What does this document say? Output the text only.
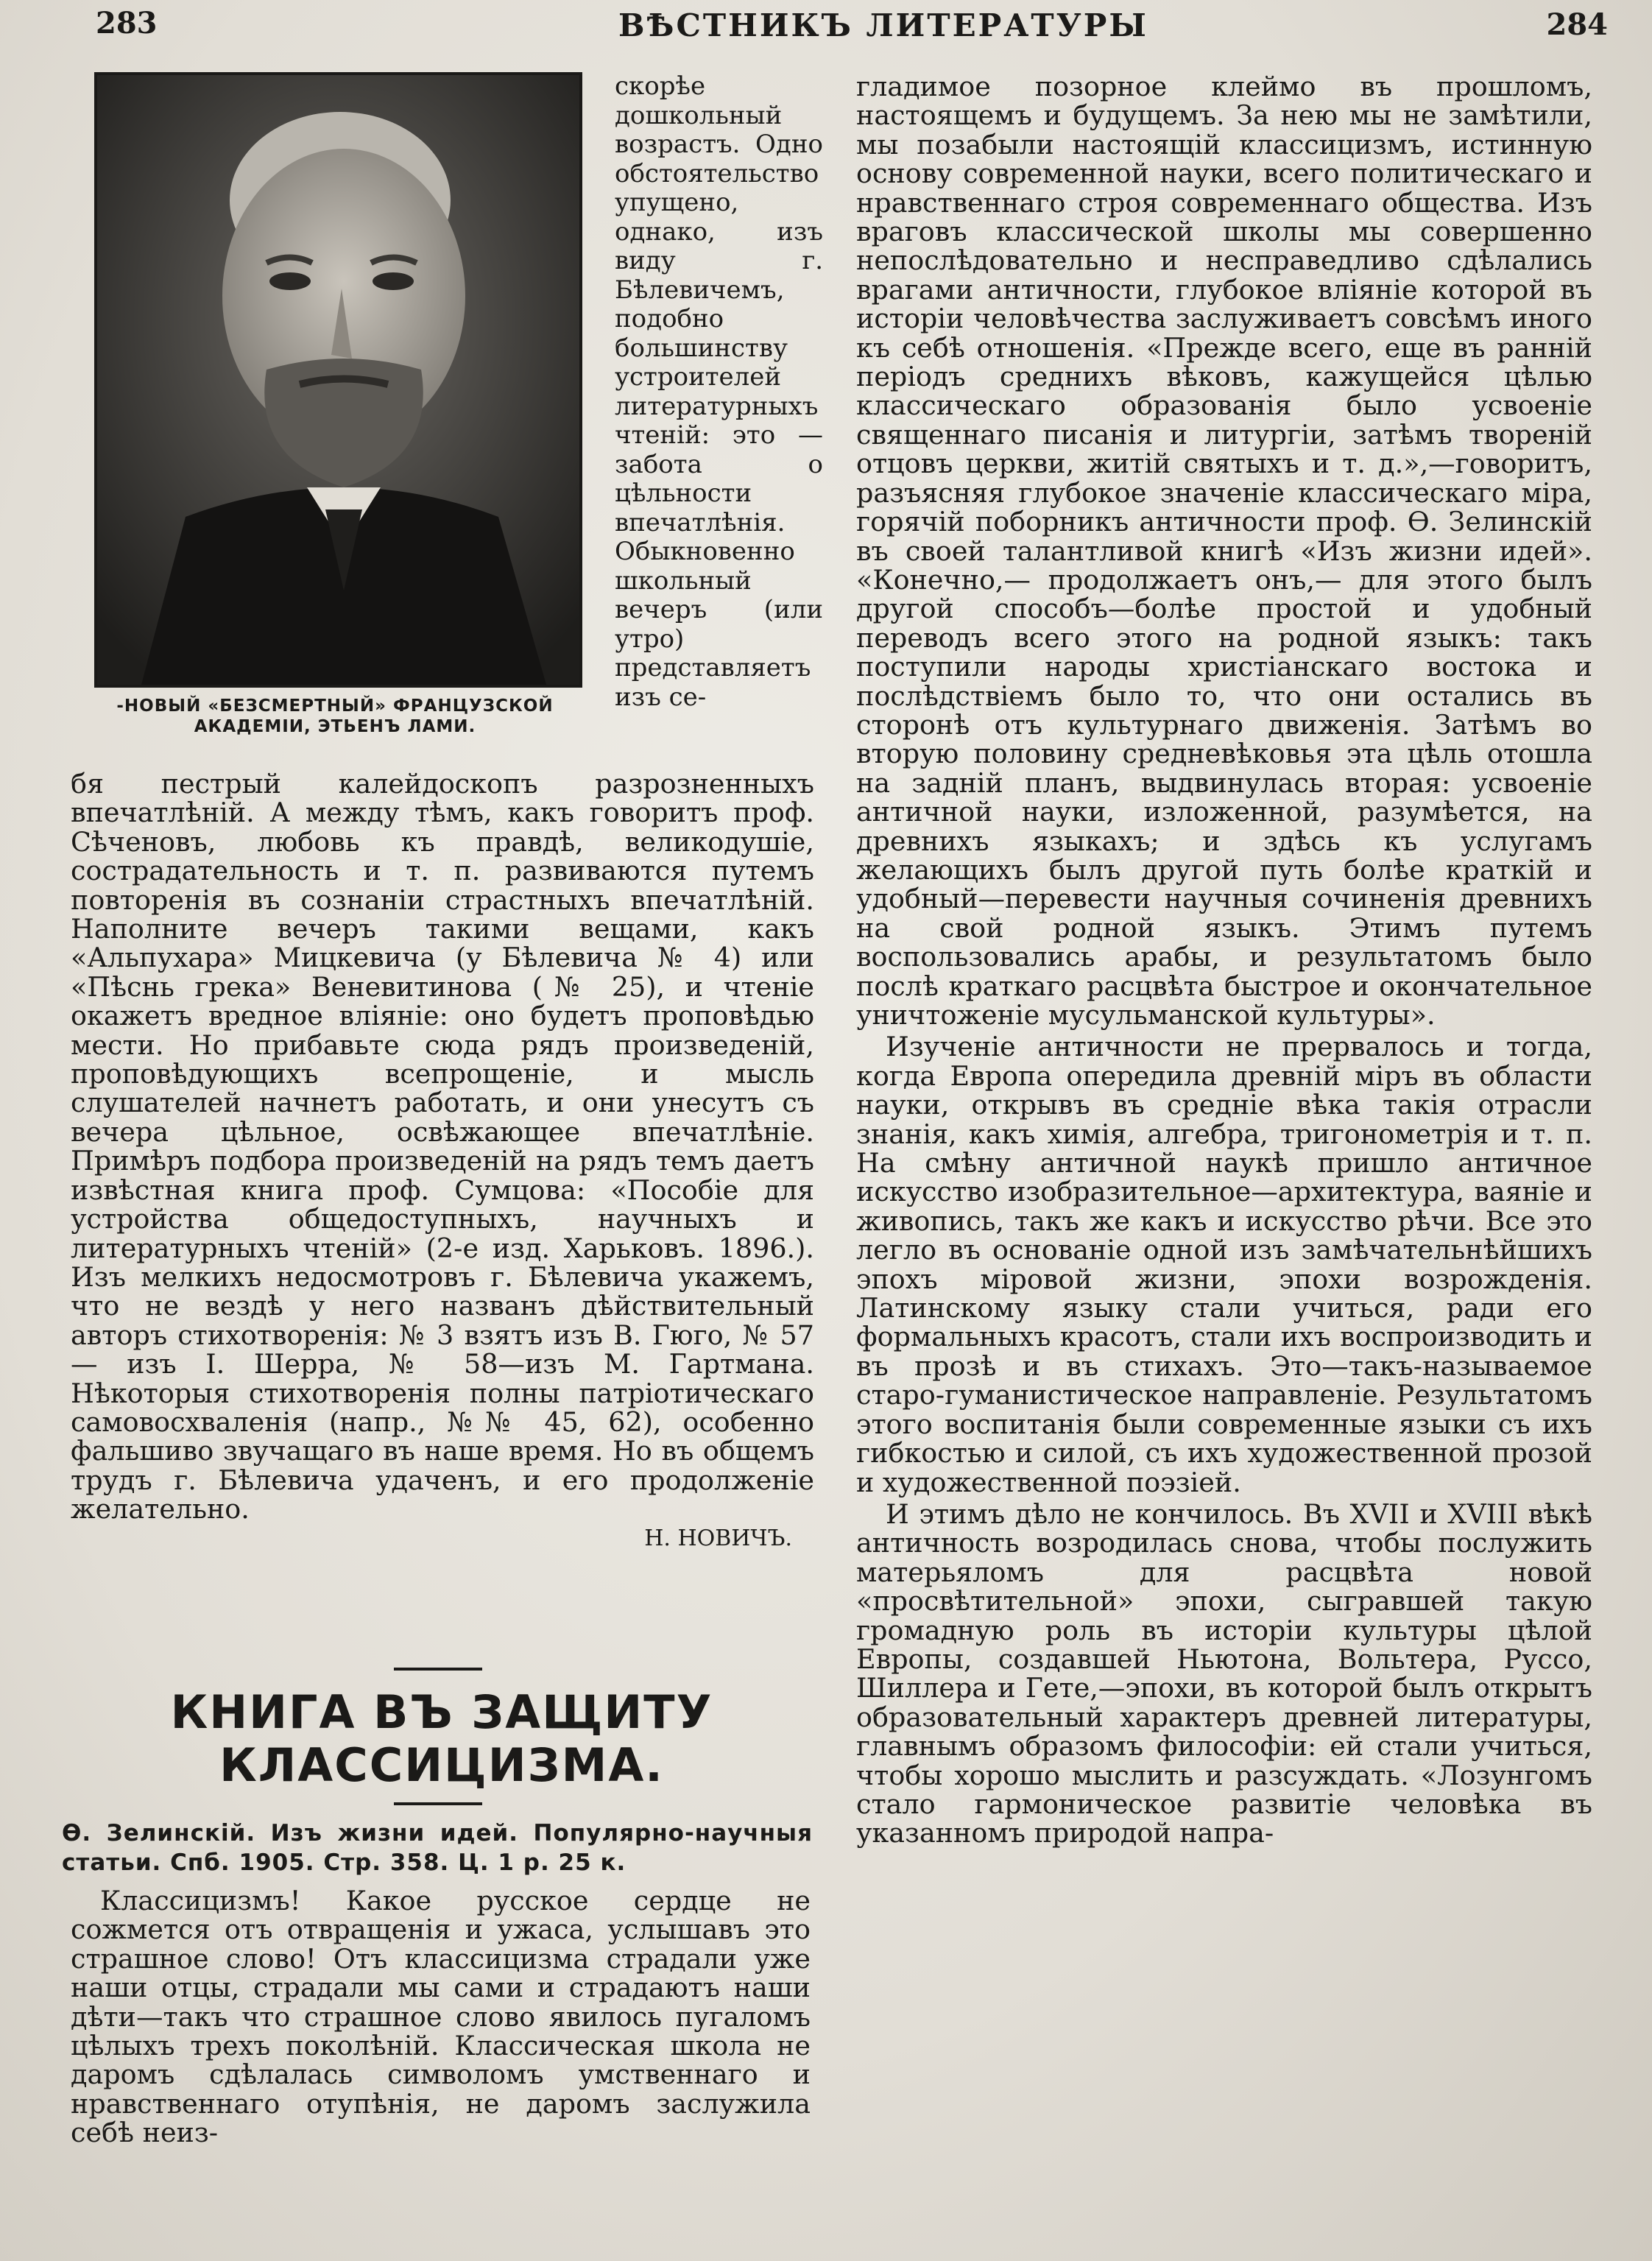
283	ВѢСТНИКЪ ЛИТЕРАТУРЫ	284
-НОВЫЙ «БЕЗСМЕРТНЫЙ» ФРАНЦУЗСКОЙ АКАДЕМІИ, ЭТЬЕНЪ ЛАМИ.
скорѣе дошкольный возрастъ. Одно обстоятельство упущено, однако, изъ виду г. Бѣлевичемъ, подобно большинству устроителей литературныхъ чтеній: это — забота о цѣльности впечатлѣнія. Обыкновенно школьный вечеръ (или утро) представляетъ изъ се-

бя пестрый калейдоскопъ разрозненныхъ впечатлѣній. А между тѣмъ, какъ говоритъ проф. Сѣченовъ, любовь къ правдѣ, великодушіе, сострадательность и т. п. развиваются путемъ повторенія въ сознаніи страстныхъ впечатлѣній. Наполните вечеръ такими вещами, какъ «Альпухара» Мицкевича (у Бѣлевича № 4) или «Пѣснь грека» Веневитинова (№ 25), и чтеніе окажетъ вредное вліяніе: оно будетъ проповѣдью мести. Но прибавьте сюда рядъ произведеній, проповѣдующихъ всепрощеніе, и мысль слушателей начнетъ работать, и они унесутъ съ вечера цѣльное, освѣжающее впечатлѣніе. Примѣръ подбора произведеній на рядъ темъ даетъ извѣстная книга проф. Сумцова: «Пособіе для устройства общедоступныхъ, научныхъ и литературныхъ чтеній» (2-е изд. Харьковъ. 1896.). Изъ мелкихъ недосмотровъ г. Бѣлевича укажемъ, что не вездѣ у него названъ дѣйствительный авторъ стихотворенія: № 3 взятъ изъ В. Гюго, № 57— изъ І. Шерра, № 58—изъ М. Гартмана. Нѣкоторыя стихотворенія полны патріотическаго самовосхваленія (напр., №№ 45, 62), особенно фальшиво звучащаго въ наше время. Но въ общемъ трудъ г. Бѣлевича удаченъ, и его продолженіе желательно.

Н. НОВИЧЪ.

КНИГА ВЪ ЗАЩИТУ КЛАССИЦИЗМА.
Ѳ. Зелинскій. Изъ жизни идей. Популярно-научныя статьи. Спб. 1905. Стр. 358. Ц. 1 р. 25 к.

Классицизмъ! Какое русское сердце не сожмется отъ отвращенія и ужаса, услышавъ это страшное слово! Отъ классицизма страдали уже наши отцы, страдали мы сами и страдаютъ наши дѣти—такъ что страшное слово явилось пугаломъ цѣлыхъ трехъ поколѣній. Классическая школа не даромъ сдѣлалась символомъ умственнаго и нравственнаго отупѣнія, не даромъ заслужила себѣ неиз-

гладимое позорное клеймо въ прошломъ, настоящемъ и будущемъ. За нею мы не замѣтили, мы позабыли настоящій классицизмъ, истинную основу современной науки, всего политическаго и нравственнаго строя современнаго общества. Изъ враговъ классической школы мы совершенно непослѣдовательно и несправедливо сдѣлались врагами античности, глубокое вліяніе которой въ исторіи человѣчества заслуживаетъ совсѣмъ иного къ себѣ отношенія. «Прежде всего, еще въ ранній періодъ среднихъ вѣковъ, кажущейся цѣлью классическаго образованія было усвоеніе священнаго писанія и литургіи, затѣмъ твореній отцовъ церкви, житій святыхъ и т. д.»,—говоритъ, разъясняя глубокое значеніе классическаго міра, горячій поборникъ античности проф. Ѳ. Зелинскій въ своей талантливой книгѣ «Изъ жизни идей». «Конечно,— продолжаетъ онъ,— для этого былъ другой способъ—болѣе простой и удобный переводъ всего этого на родной языкъ: такъ поступили народы христіанскаго востока и послѣдствіемъ было то, что они остались въ сторонѣ отъ культурнаго движенія. Затѣмъ во вторую половину средневѣковья эта цѣль отошла на задній планъ, выдвинулась вторая: усвоеніе античной науки, изложенной, разумѣется, на древнихъ языкахъ; и здѣсь къ услугамъ желающихъ былъ другой путь болѣе краткій и удобный—перевести научныя сочиненія древнихъ на свой родной языкъ. Этимъ путемъ воспользовались арабы, и результатомъ было послѣ краткаго расцвѣта быстрое и окончательное уничтоженіе мусульманской культуры».

Изученіе античности не прервалось и тогда, когда Европа опередила древній міръ въ области науки, открывъ въ средніе вѣка такія отрасли знанія, какъ химія, алгебра, тригонометрія и т. п. На смѣну античной наукѣ пришло античное искусство изобразительное—архитектура, ваяніе и живопись, такъ же какъ и искусство рѣчи. Все это легло въ основаніе одной изъ замѣчательнѣйшихъ эпохъ міровой жизни, эпохи возрожденія. Латинскому языку стали учиться, ради его формальныхъ красотъ, стали ихъ воспроизводить и въ прозѣ и въ стихахъ. Это—такъ-называемое старо-гуманистическое направленіе. Результатомъ этого воспитанія были современные языки съ ихъ гибкостью и силой, съ ихъ художественной прозой и художественной поэзіей.

И этимъ дѣло не кончилось. Въ XVII и XVIII вѣкѣ античность возродилась снова, чтобы послужить матерьяломъ для расцвѣта новой «просвѣтительной» эпохи, сыгравшей такую громадную роль въ исторіи культуры цѣлой Европы, создавшей Ньютона, Вольтера, Руссо, Шиллера и Гете,—эпохи, въ которой былъ открытъ образовательный характеръ древней литературы, главнымъ образомъ философіи: ей стали учиться, чтобы хорошо мыслить и разсуждать. «Лозунгомъ стало гармоническое развитіе человѣка въ указанномъ природой напра-
